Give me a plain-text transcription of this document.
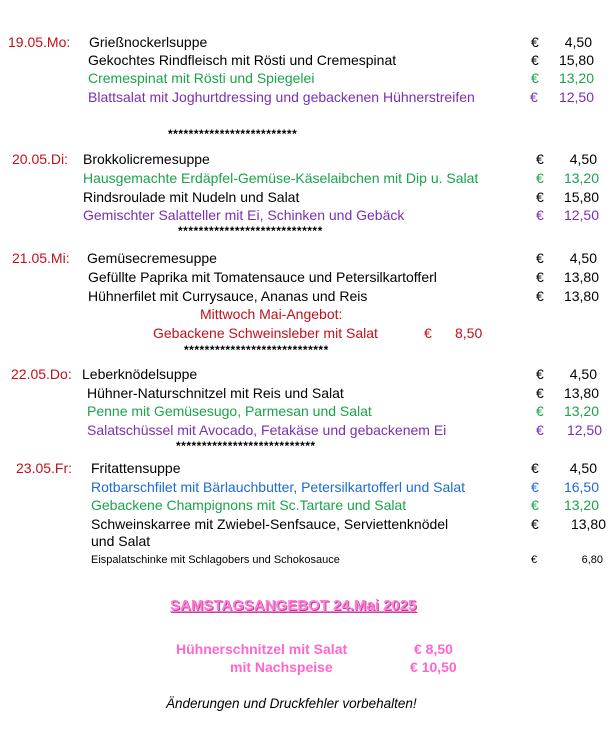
19.05.Mo: Grießnockerlsuppe	€	4,50
Gekochtes Rindfleisch mit Rösti und Cremespinat	€	15,80
Cremespinat mit Rösti und Spiegelei	€	13,20
Blattsalat mit Joghurtdressing und gebackenen Hühnerstreifen	€	12,50
*************************
20.05.Di: Brokkolicremesuppe	€	4,50
Hausgemachte Erdäpfel-Gemüse-Käselaibchen mit Dip u. Salat	€	13,20
Rindsroulade mit Nudeln und Salat	€	15,80
Gemischter Salatteller mit Ei, Schinken und Gebäck	€	12,50
****************************
21.05.Mi: Gemüsecremesuppe	€	4,50
Gefüllte Paprika mit Tomatensauce und Petersilkartofferl	€	13,80
Hühnerfilet mit Currysauce, Ananas und Reis	€	13,80
Mittwoch Mai-Angebot:
Gebackene Schweinsleber mit Salat	€ 8,50
****************************
22.05.Do: Leberknödelsuppe	€	4,50
Hühner-Naturschnitzel mit Reis und Salat	€	13,80
Penne mit Gemüsesugo, Parmesan und Salat	€	13,20
Salatschüssel mit Avocado, Fetakäse und gebackenem Ei	€	12,50
***************************
23.05.Fr: Fritattensuppe	€	4,50
Rotbarschfilet mit Bärlauchbutter, Petersilkartofferl und Salat	€	16,50
Gebackene Champignons mit Sc.Tartare und Salat	€	13,20
Schweinskarree mit Zwiebel-Senfsauce, Serviettenknödel
und Salat
€	13,80
Eispalatschinke mit Schlagobers und Schokosauce	€	6,80
SAMSTAGSANGEBOT 24.Mai 2025
Hühnerschnitzel mit Salat	€ 8,50
mit Nachspeise	€ 10,50
Änderungen und Druckfehler vorbehalten!
